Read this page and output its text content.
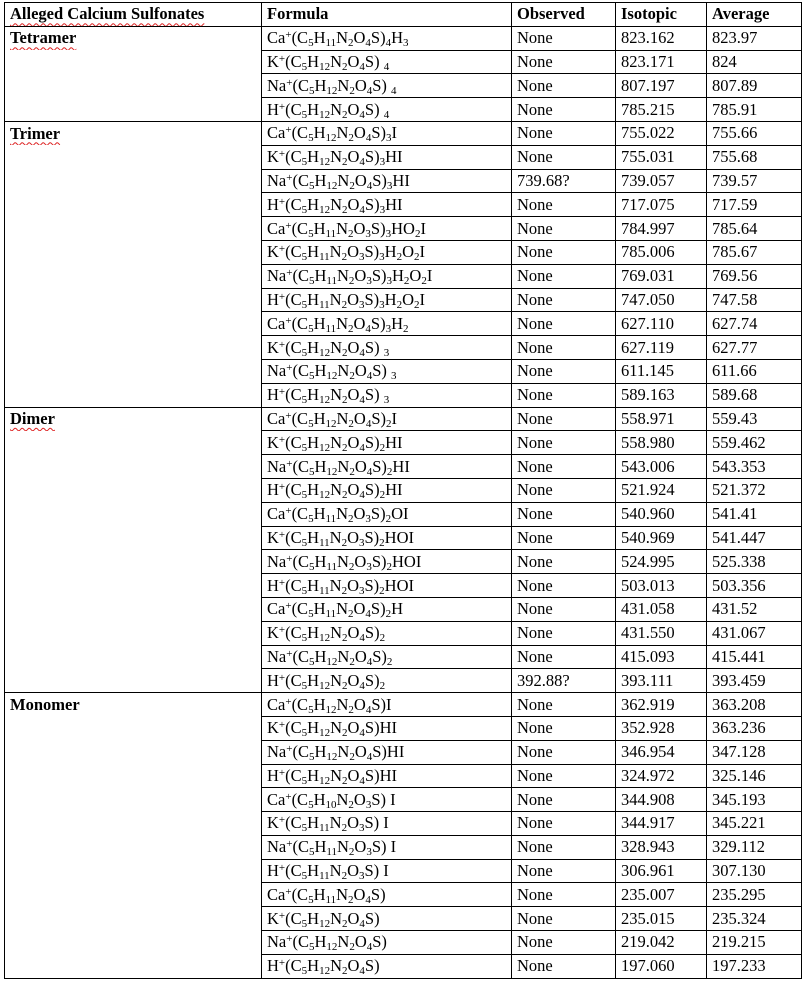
Alleged Calcium Sulfonates	Formula	Observed	Isotopic	Average
Tetramer	$Ca^+(C_5H_{11}N_2O_4S)_4H_3$	None	823.162	823.97
	$K^+(C_5H_{12}N_2O_4S)$ $_4$	None	823.171	824
	$Na^+(C_5H_{12}N_2O_4S)$ $_4$	None	807.197	807.89
	$H^+(C_5H_{12}N_2O_4S)$ $_4$	None	785.215	785.91
Trimer	$Ca^+(C_5H_{12}N_2O_4S)_3I$	None	755.022	755.66
	$K^+(C_5H_{12}N_2O_4S)_3HI$	None	755.031	755.68
	$Na^+(C_5H_{12}N_2O_4S)_3HI$	739.68?	739.057	739.57
	$H^+(C_5H_{12}N_2O_4S)_3HI$	None	717.075	717.59
	$Ca^+(C_5H_{11}N_2O_3S)_3HO_2I$	None	784.997	785.64
	$K^+(C_5H_{11}N_2O_3S)_3H_2O_2I$	None	785.006	785.67
	$Na^+(C_5H_{11}N_2O_3S)_3H_2O_2I$	None	769.031	769.56
	$H^+(C_5H_{11}N_2O_3S)_3H_2O_2I$	None	747.050	747.58
	$Ca^+(C_5H_{11}N_2O_4S)_3H_2$	None	627.110	627.74
	$K^+(C_5H_{12}N_2O_4S)$ $_3$	None	627.119	627.77
	$Na^+(C_5H_{12}N_2O_4S)$ $_3$	None	611.145	611.66
	$H^+(C_5H_{12}N_2O_4S)$ $_3$	None	589.163	589.68
Dimer	$Ca^+(C_5H_{12}N_2O_4S)_2I$	None	558.971	559.43
	$K^+(C_5H_{12}N_2O_4S)_2HI$	None	558.980	559.462
	$Na^+(C_5H_{12}N_2O_4S)_2HI$	None	543.006	543.353
	$H^+(C_5H_{12}N_2O_4S)_2HI$	None	521.924	521.372
	$Ca^+(C_5H_{11}N_2O_3S)_2OI$	None	540.960	541.41
	$K^+(C_5H_{11}N_2O_3S)_2HOI$	None	540.969	541.447
	$Na^+(C_5H_{11}N_2O_3S)_2HOI$	None	524.995	525.338
	$H^+(C_5H_{11}N_2O_3S)_2HOI$	None	503.013	503.356
	$Ca^+(C_5H_{11}N_2O_4S)_2H$	None	431.058	431.52
	$K^+(C_5H_{12}N_2O_4S)_2$	None	431.550	431.067
	$Na^+(C_5H_{12}N_2O_4S)_2$	None	415.093	415.441
	$H^+(C_5H_{12}N_2O_4S)_2$	392.88?	393.111	393.459
Monomer	$Ca^+(C_5H_{12}N_2O_4S)I$	None	362.919	363.208
	$K^+(C_5H_{12}N_2O_4S)HI$	None	352.928	363.236
	$Na^+(C_5H_{12}N_2O_4S)HI$	None	346.954	347.128
	$H^+(C_5H_{12}N_2O_4S)HI$	None	324.972	325.146
	$Ca^+(C_5H_{10}N_2O_3S)$ I	None	344.908	345.193
	$K^+(C_5H_{11}N_2O_3S)$ I	None	344.917	345.221
	$Na^+(C_5H_{11}N_2O_3S)$ I	None	328.943	329.112
	$H^+(C_5H_{11}N_2O_3S)$ I	None	306.961	307.130
	$Ca^+(C_5H_{11}N_2O_4S)$	None	235.007	235.295
	$K^+(C_5H_{12}N_2O_4S)$	None	235.015	235.324
	$Na^+(C_5H_{12}N_2O_4S)$	None	219.042	219.215
	$H^+(C_5H_{12}N_2O_4S)$	None	197.060	197.233
